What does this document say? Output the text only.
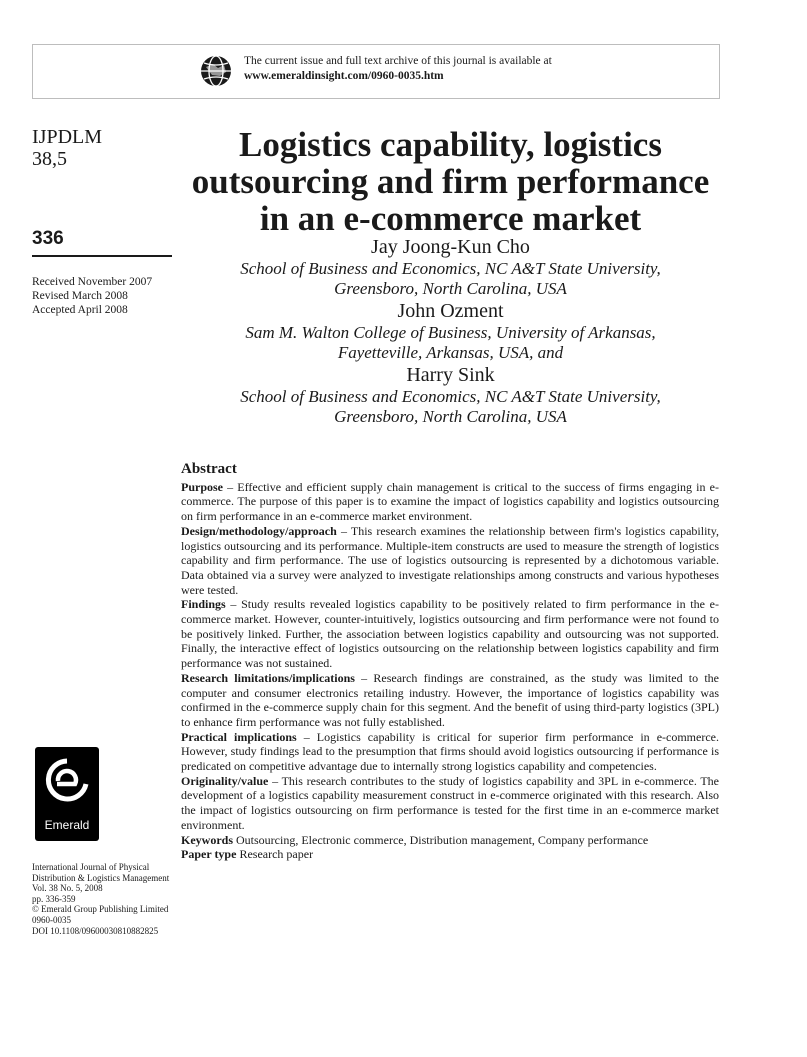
The current issue and full text archive of this journal is available at
www.emeraldinsight.com/0960-0035.htm
IJPDLM
38,5
336
Received November 2007
Revised March 2008
Accepted April 2008
Emerald
International Journal of Physical
Distribution & Logistics Management
Vol. 38 No. 5, 2008
pp. 336-359
© Emerald Group Publishing Limited
0960-0035
DOI 10.1108/09600030810882825
Logistics capability, logistics
outsourcing and firm performance
in an e-commerce market
Jay Joong-Kun Cho
School of Business and Economics, NC A&T State University,
Greensboro, North Carolina, USA
John Ozment
Sam M. Walton College of Business, University of Arkansas,
Fayetteville, Arkansas, USA, and
Harry Sink
School of Business and Economics, NC A&T State University,
Greensboro, North Carolina, USA
Abstract

Purpose – Effective and efficient supply chain management is critical to the success of firms engaging in e-commerce. The purpose of this paper is to examine the impact of logistics capability and logistics outsourcing on firm performance in an e-commerce market environment.

Design/methodology/approach – This research examines the relationship between firm's logistics capability, logistics outsourcing and its performance. Multiple-item constructs are used to measure the strength of logistics capability and firm performance. The use of logistics outsourcing is represented by a dichotomous variable. Data obtained via a survey were analyzed to investigate relationships among constructs and various hypotheses were tested.

Findings – Study results revealed logistics capability to be positively related to firm performance in the e-commerce market. However, counter-intuitively, logistics outsourcing and firm performance were not found to be positively linked. Further, the association between logistics capability and outsourcing was not supported. Finally, the interactive effect of logistics outsourcing on the relationship between logistics capability and firm performance was not sustained.

Research limitations/implications – Research findings are constrained, as the study was limited to the computer and consumer electronics retailing industry. However, the importance of logistics capability was confirmed in the e-commerce supply chain for this segment. And the benefit of using third-party logistics (3PL) to enhance firm performance was not fully established.

Practical implications – Logistics capability is critical for superior firm performance in e-commerce. However, study findings lead to the presumption that firms should avoid logistics outsourcing if performance is predicated on competitive advantage due to internally strong logistics capability and competencies.

Originality/value – This research contributes to the study of logistics capability and 3PL in e-commerce. The development of a logistics capability measurement construct in e-commerce originated with this research. Also the impact of logistics outsourcing on firm performance is tested for the first time in an e-commerce market environment.

Keywords Outsourcing, Electronic commerce, Distribution management, Company performance

Paper type Research paper
